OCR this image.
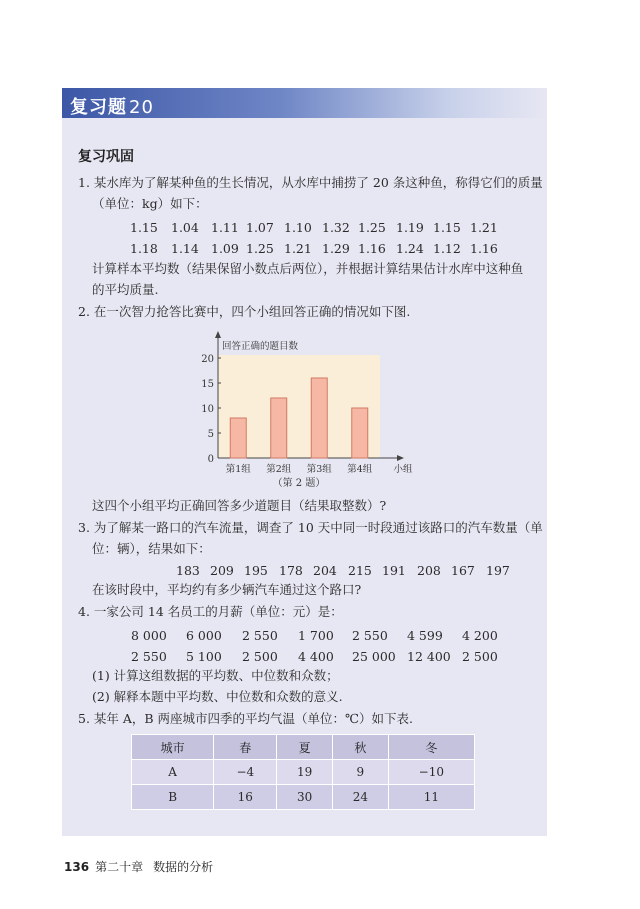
复习题 20
复习巩固
1. 某水库为了解某种鱼的生长情况，从水库中捕捞了 20 条这种鱼，称得它们的质量
（单位：kg）如下：
1.15 1.04 1.11 1.07 1.10 1.32 1.25 1.19 1.15 1.21
1.18 1.14 1.09 1.25 1.21 1.29 1.16 1.24 1.12 1.16
计算样本平均数（结果保留小数点后两位），并根据计算结果估计水库中这种鱼
的平均质量.
2. 在一次智力抢答比赛中，四个小组回答正确的情况如下图.
0
5
10
15
20
回答正确的题目数
第1组 第2组 第3组 第4组 小组
（第 2 题）
这四个小组平均正确回答多少道题目（结果取整数）?
3. 为了解某一路口的汽车流量，调查了 10 天中同一时段通过该路口的汽车数量（单
位：辆），结果如下：
183 209 195 178 204 215 191 208 167 197
在该时段中，平均约有多少辆汽车通过这个路口?
4. 一家公司 14 名员工的月薪（单位：元）是：
8 000 6 000 2 550 1 700 2 550 4 599 4 200
2 550 5 100 2 500 4 400 25 000 12 400 2 500
(1) 计算这组数据的平均数、中位数和众数；
(2) 解释本题中平均数、中位数和众数的意义.
5. 某年 A，B 两座城市四季的平均气温（单位：℃）如下表.
城市	春	夏	秋	冬
A	−4	19	9	−10
B	16	30	24	11
136 第二十章 数据的分析
